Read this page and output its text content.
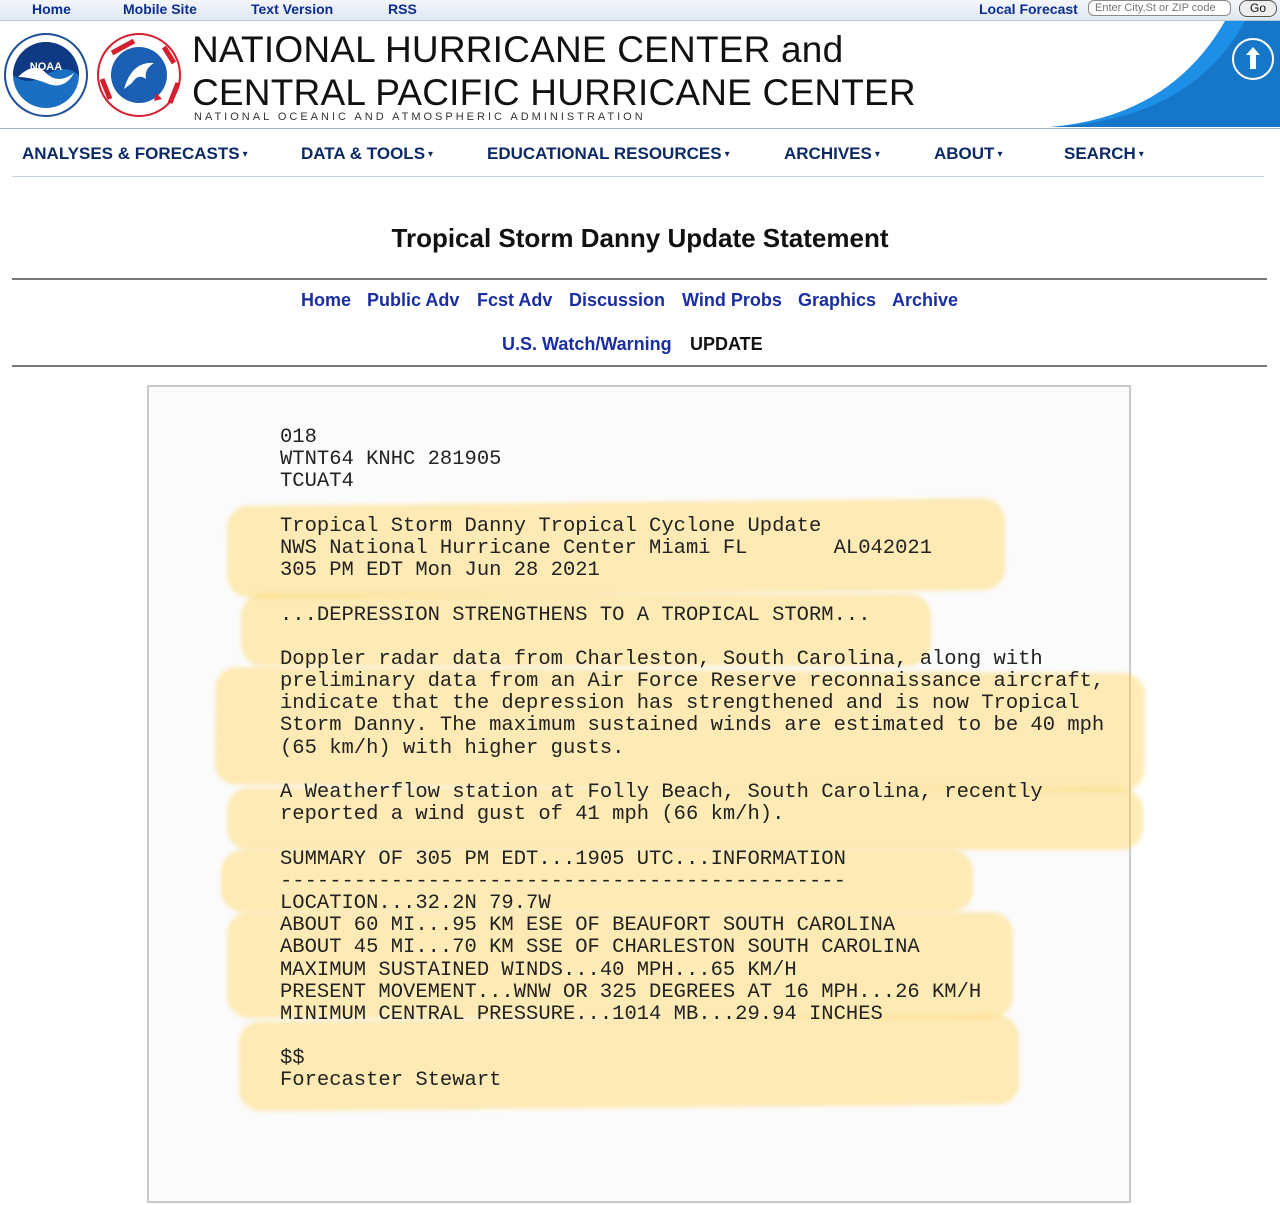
Home	Mobile Site	Text Version	RSS	Local Forecast
Enter City,St or ZIP code	Go
NOAA	NATIONAL HURRICANE CENTER and
CENTRAL PACIFIC HURRICANE CENTER
NATIONAL OCEANIC AND ATMOSPHERIC ADMINISTRATION
ANALYSES & FORECASTS ▾	DATA & TOOLS ▾	EDUCATIONAL RESOURCES ▾	ARCHIVES ▾	ABOUT ▾	SEARCH ▾
Tropical Storm Danny Update Statement
Home Public Adv Fcst Adv Discussion Wind Probs Graphics Archive
U.S. Watch/Warning UPDATE
018
WTNT64 KNHC 281905
TCUAT4
Tropical Storm Danny Tropical Cyclone Update
NWS National Hurricane Center Miami FL       AL042021
305 PM EDT Mon Jun 28 2021
...DEPRESSION STRENGTHENS TO A TROPICAL STORM...
Doppler radar data from Charleston, South Carolina, along with
preliminary data from an Air Force Reserve reconnaissance aircraft,
indicate that the depression has strengthened and is now Tropical
Storm Danny. The maximum sustained winds are estimated to be 40 mph
(65 km/h) with higher gusts.
A Weatherflow station at Folly Beach, South Carolina, recently
reported a wind gust of 41 mph (66 km/h).
SUMMARY OF 305 PM EDT...1905 UTC...INFORMATION
----------------------------------------------
LOCATION...32.2N 79.7W
ABOUT 60 MI...95 KM ESE OF BEAUFORT SOUTH CAROLINA
ABOUT 45 MI...70 KM SSE OF CHARLESTON SOUTH CAROLINA
MAXIMUM SUSTAINED WINDS...40 MPH...65 KM/H
PRESENT MOVEMENT...WNW OR 325 DEGREES AT 16 MPH...26 KM/H
MINIMUM CENTRAL PRESSURE...1014 MB...29.94 INCHES
$$
Forecaster Stewart
